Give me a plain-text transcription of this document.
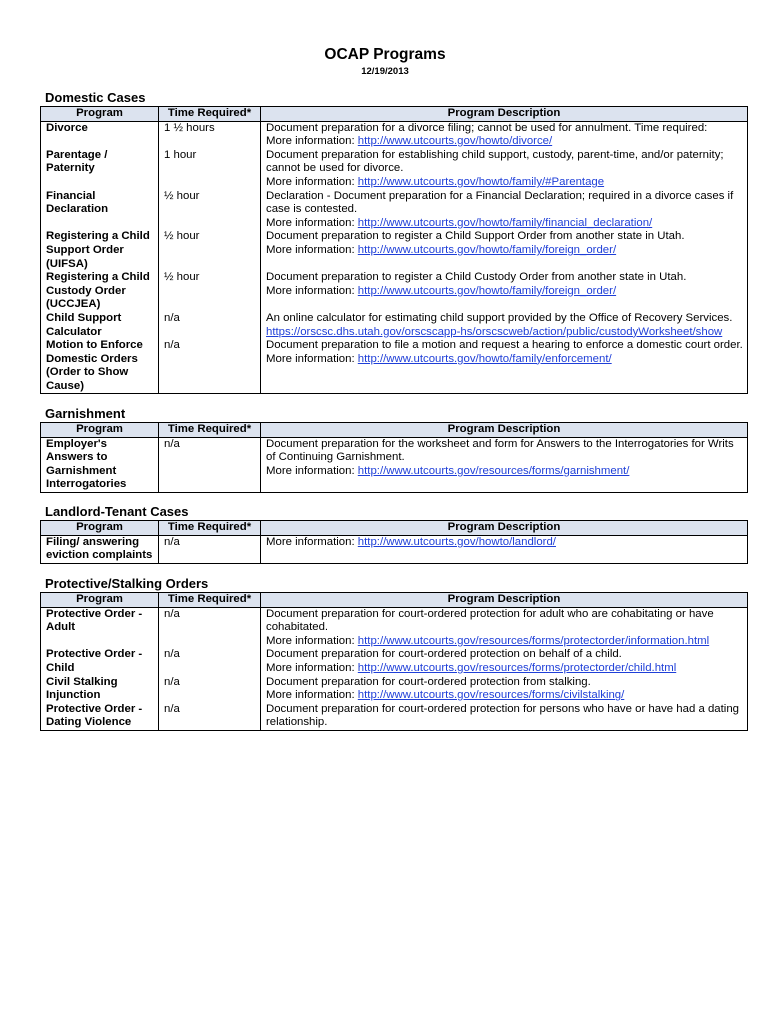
OCAP Programs
12/19/2013
Domestic Cases
Program	Time Required*	Program Description
Divorce	1 ½ hours	Document preparation for a divorce filing; cannot be used for annulment. Time required:
More information: http://www.utcourts.gov/howto/divorce/

Parentage / Paternity	1 hour	Document preparation for establishing child support, custody, parent-time, and/or paternity; cannot be used for divorce.
More information: http://www.utcourts.gov/howto/family/#Parentage

Financial Declaration	½ hour	Declaration - Document preparation for a Financial Declaration; required in a divorce cases if case is contested.
More information: http://www.utcourts.gov/howto/family/financial_declaration/

Registering a Child Support Order (UIFSA)	½ hour	Document preparation to register a Child Support Order from another state in Utah.
More information: http://www.utcourts.gov/howto/family/foreign_order/

Registering a Child Custody Order (UCCJEA)	½ hour	Document preparation to register a Child Custody Order from another state in Utah.
More information: http://www.utcourts.gov/howto/family/foreign_order/

Child Support Calculator	n/a	An online calculator for estimating child support provided by the Office of Recovery Services.
https://orscsc.dhs.utah.gov/orscscapp-hs/orscscweb/action/public/custodyWorksheet/show

Motion to Enforce Domestic Orders (Order to Show Cause)	n/a	Document preparation to file a motion and request a hearing to enforce a domestic court order.
More information: http://www.utcourts.gov/howto/family/enforcement/
Garnishment
Program	Time Required*	Program Description
Employer's Answers to Garnishment Interrogatories	n/a	Document preparation for the worksheet and form for Answers to the Interrogatories for Writs of Continuing Garnishment.
More information: http://www.utcourts.gov/resources/forms/garnishment/
Landlord-Tenant Cases
Program	Time Required*	Program Description
Filing/ answering eviction complaints	n/a	More information: http://www.utcourts.gov/howto/landlord/
Protective/Stalking Orders
Program	Time Required*	Program Description
Protective Order - Adult	n/a	Document preparation for court-ordered protection for adult who are cohabitating or have cohabitated.
More information: http://www.utcourts.gov/resources/forms/protectorder/information.html

Protective Order - Child	n/a	Document preparation for court-ordered protection on behalf of a child.
More information: http://www.utcourts.gov/resources/forms/protectorder/child.html

Civil Stalking Injunction	n/a	Document preparation for court-ordered protection from stalking.
More information: http://www.utcourts.gov/resources/forms/civilstalking/

Protective Order - Dating Violence	n/a	Document preparation for court-ordered protection for persons who have or have had a dating relationship.
